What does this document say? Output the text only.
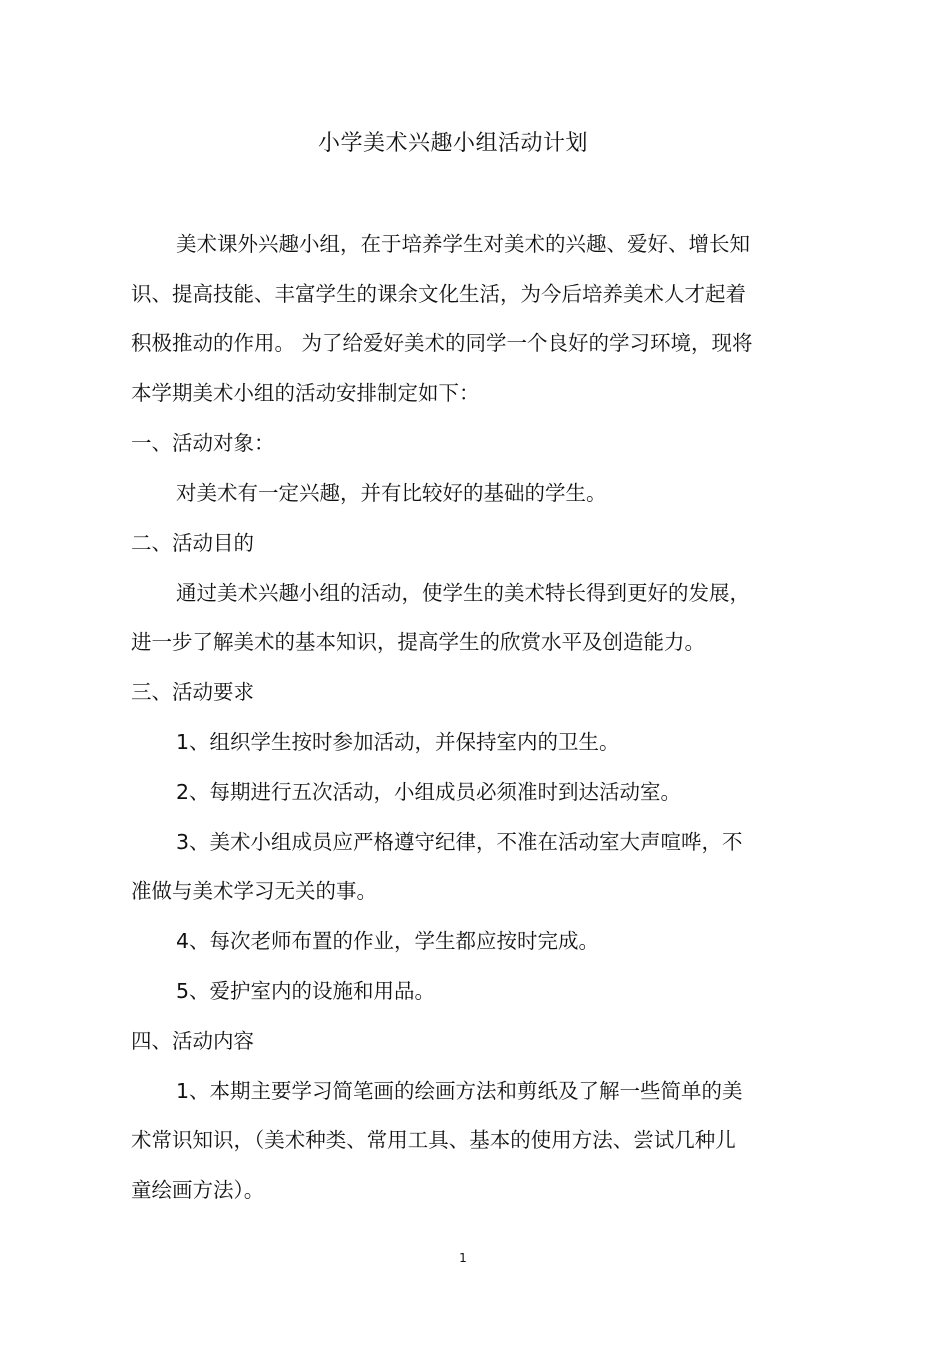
小学美术兴趣小组活动计划
美术课外兴趣小组，在于培养学生对美术的兴趣、爱好、增长知
识、提高技能、丰富学生的课余文化生活，为今后培养美术人才起着
积极推动的作用。 为了给爱好美术的同学一个良好的学习环境，现将
本学期美术小组的活动安排制定如下：
一、活动对象：
对美术有一定兴趣，并有比较好的基础的学生。
二、活动目的
通过美术兴趣小组的活动，使学生的美术特长得到更好的发展，
进一步了解美术的基本知识，提高学生的欣赏水平及创造能力。
三、活动要求
1、组织学生按时参加活动，并保持室内的卫生。
2、每期进行五次活动，小组成员必须准时到达活动室。
3、美术小组成员应严格遵守纪律，不准在活动室大声喧哗，不
准做与美术学习无关的事。
4、每次老师布置的作业，学生都应按时完成。
5、爱护室内的设施和用品。
四、活动内容
1、本期主要学习简笔画的绘画方法和剪纸及了解一些简单的美
术常识知识，（美术种类、常用工具、基本的使用方法、尝试几种儿
童绘画方法）。
1
